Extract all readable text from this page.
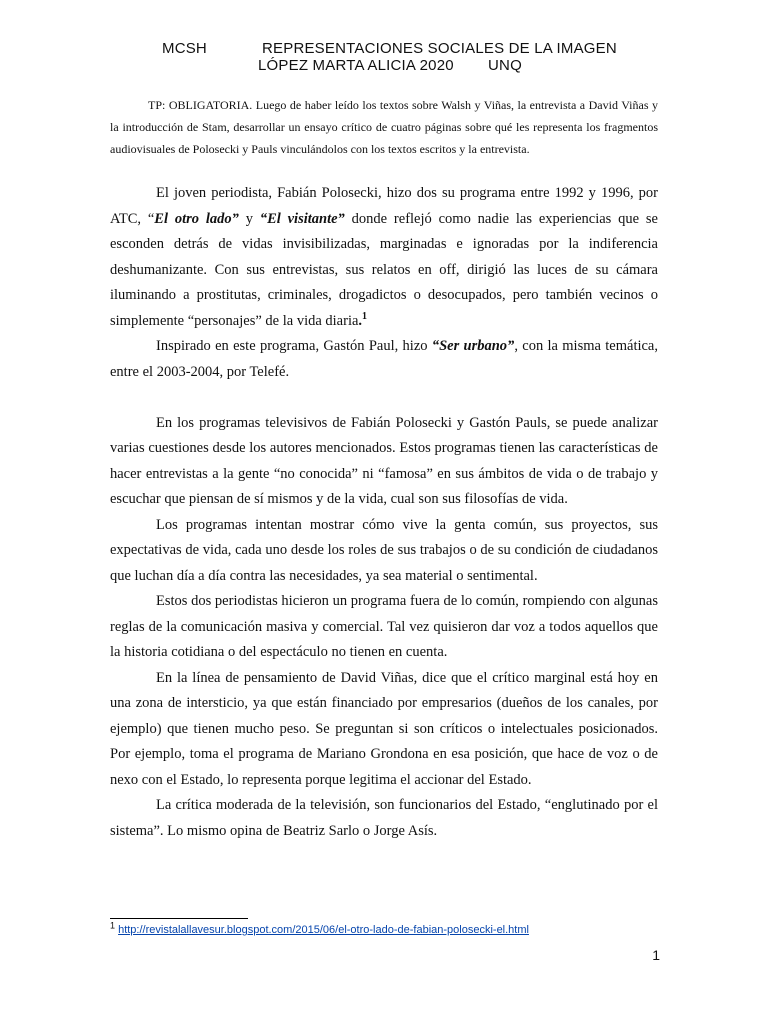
MCSH	REPRESENTACIONES SOCIALES DE LA IMAGEN
LÓPEZ MARTA ALICIA 2020 UNQ
TP: OBLIGATORIA. Luego de haber leído los textos sobre Walsh y Viñas, la entrevista a David Viñas y la introducción de Stam, desarrollar un ensayo crítico de cuatro páginas sobre qué les representa los fragmentos audiovisuales de Polosecki y Pauls vinculándolos con los textos escritos y la entrevista.

El joven periodista, Fabián Polosecki, hizo dos su programa entre 1992 y 1996, por ATC, “El otro lado” y “El visitante” donde reflejó como nadie las experiencias que se esconden detrás de vidas invisibilizadas, marginadas e ignoradas por la indiferencia deshumanizante. Con sus entrevistas, sus relatos en off, dirigió las luces de su cámara iluminando a prostitutas, criminales, drogadictos o desocupados, pero también vecinos o simplemente “personajes” de la vida diaria.$^1$

Inspirado en este programa, Gastón Paul, hizo “Ser urbano”, con la misma temática, entre el 2003-2004, por Telefé.

En los programas televisivos de Fabián Polosecki y Gastón Pauls, se puede analizar varias cuestiones desde los autores mencionados. Estos programas tienen las características de hacer entrevistas a la gente “no conocida” ni “famosa” en sus ámbitos de vida o de trabajo y escuchar que piensan de sí mismos y de la vida, cual son sus filosofías de vida.

Los programas intentan mostrar cómo vive la genta común, sus proyectos, sus expectativas de vida, cada uno desde los roles de sus trabajos o de su condición de ciudadanos que luchan día a día contra las necesidades, ya sea material o sentimental.

Estos dos periodistas hicieron un programa fuera de lo común, rompiendo con algunas reglas de la comunicación masiva y comercial. Tal vez quisieron dar voz a todos aquellos que la historia cotidiana o del espectáculo no tienen en cuenta.

En la línea de pensamiento de David Viñas, dice que el crítico marginal está hoy en una zona de intersticio, ya que están financiado por empresarios (dueños de los canales, por ejemplo) que tienen mucho peso. Se preguntan si son críticos o intelectuales posicionados. Por ejemplo, toma el programa de Mariano Grondona en esa posición, que hace de voz o de nexo con el Estado, lo representa porque legitima el accionar del Estado.

La crítica moderada de la televisión, son funcionarios del Estado, “englutinado por el sistema”. Lo mismo opina de Beatriz Sarlo o Jorge Asís.

$^1$ http://revistalallavesur.blogspot.com/2015/06/el-otro-lado-de-fabian-polosecki-el.html
1
